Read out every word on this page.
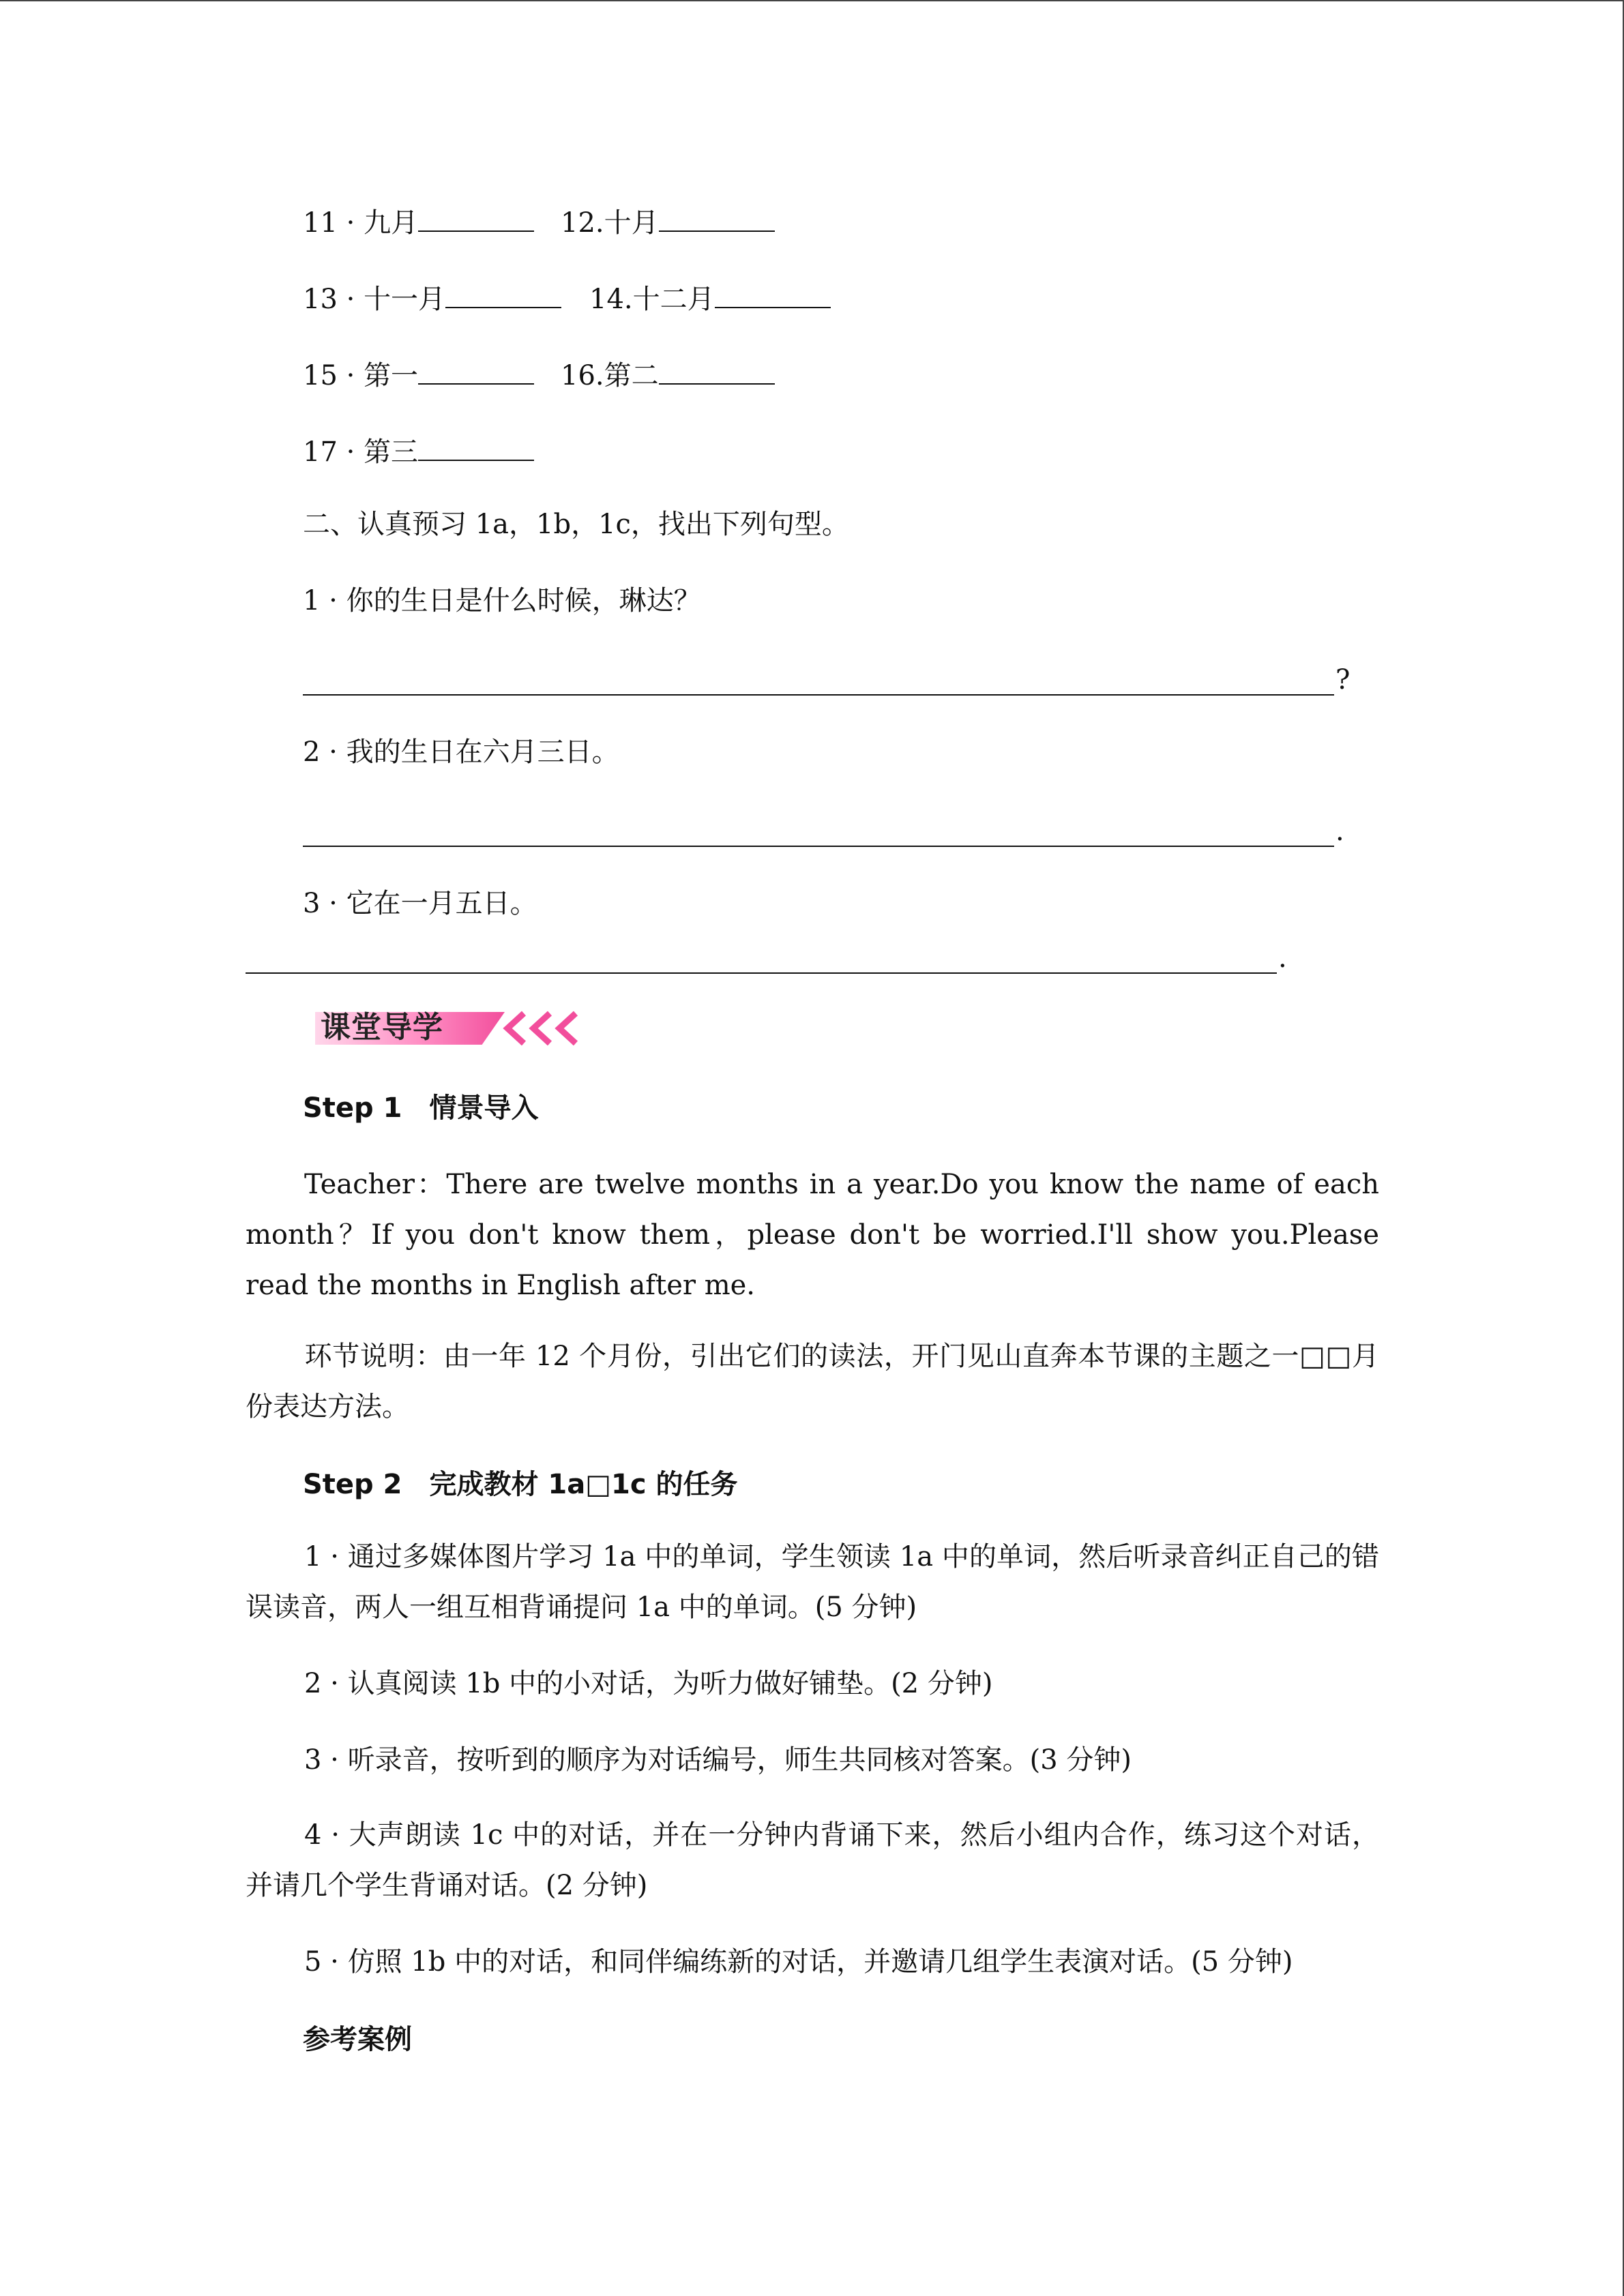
11 · 九月	12.十月
13 · 十一月	14.十二月
15 · 第一	16.第二
17 · 第三
二、认真预习 1a，1b，1c，找出下列句型。
1 · 你的生日是什么时候，琳达？
?
2 · 我的生日在六月三日。
.
3 · 它在一月五日。
.
课堂导学
Step 1　情景导入
Teacher：There are twelve months in a year.Do you know the name of each month？If you don't know them，please don't be worried.I'll show you.Please read the months in English after me.
环节说明：由一年 12 个月份，引出它们的读法，开门见山直奔本节课的主题之一□□月份表达方法。
Step 2　完成教材 1a□1c 的任务
1 · 通过多媒体图片学习 1a 中的单词，学生领读 1a 中的单词，然后听录音纠正自己的错误读音，两人一组互相背诵提问 1a 中的单词。(5 分钟)
2 · 认真阅读 1b 中的小对话，为听力做好铺垫。(2 分钟)
3 · 听录音，按听到的顺序为对话编号，师生共同核对答案。(3 分钟)
4 · 大声朗读 1c 中的对话，并在一分钟内背诵下来，然后小组内合作，练习这个对话，并请几个学生背诵对话。(2 分钟)
5 · 仿照 1b 中的对话，和同伴编练新的对话，并邀请几组学生表演对话。(5 分钟)
参考案例
